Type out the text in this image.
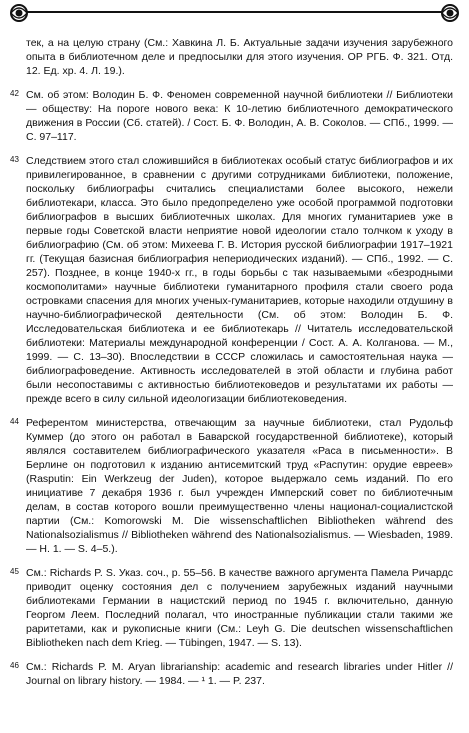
тек, а на целую страну (См.: Хавкина Л. Б. Актуальные задачи изучения зарубежного опыта в библиотечном деле и предпосылки для этого изучения. ОР РГБ. Ф. 321. Отд. 12. Ед. хр. 4. Л. 19.).
42 См. об этом: Володин Б. Ф. Феномен современной научной библиотеки // Библиотеки — обществу: На пороге нового века: К 10-летию библиотечного демократического движения в России (Сб. статей). / Сост. Б. Ф. Володин, А. В. Соколов. — СПб., 1999. — С. 97–117.
43 Следствием этого стал сложившийся в библиотеках особый статус библиографов и их привилегированное, в сравнении с другими сотрудниками библиотеки, положение, поскольку библиографы считались специалистами более высокого, нежели библиотекари, класса. Это было предопределено уже особой программой подготовки библиографов в высших библиотечных школах. Для многих гуманитариев уже в первые годы Советской власти неприятие новой идеологии стало толчком к уходу в библиографию (См. об этом: Михеева Г. В. История русской библиографии 1917–1921 гг. (Текущая базисная библиография непериодических изданий). — СПб., 1992. — С. 257). Позднее, в конце 1940-х гг., в годы борьбы с так называемыми «безродными космополитами» научные библиотеки гуманитарного профиля стали своего рода островками спасения для многих ученых-гуманитариев, которые находили отдушину в научно-библиографической деятельности (См. об этом: Володин Б. Ф. Исследовательская библиотека и ее библиотекарь // Читатель исследовательской библиотеки: Материалы международной конференции / Сост. А. А. Колганова. — М., 1999. — С. 13–30). Впоследствии в СССР сложилась и самостоятельная наука — библиографоведение. Активность исследователей в этой области и глубина работ были несопоставимы с активностью библиотековедов и результатами их работы — прежде всего в силу сильной идеологизации библиотековедения.
44 Референтом министерства, отвечающим за научные библиотеки, стал Рудольф Куммер (до этого он работал в Баварской государственной библиотеке), который являлся составителем библиографического указателя «Раса в письменности». В Берлине он подготовил к изданию антисемитский труд «Распутин: орудие евреев» (Rasputin: Ein Werkzeug der Juden), которое выдержало семь изданий. По его инициативе 7 декабря 1936 г. был учрежден Имперский совет по библиотечным делам, в состав которого вошли преимущественно члены национал-социалистской партии (См.: Komorowski M. Die wissenschaftlichen Bibliotheken während des Nationalsozialismus // Bibliotheken während des Nationalsozialismus. — Wiesbaden, 1989. — H. 1. — S. 4–5.).
45 См.: Richards P. S. Указ. соч., р. 55–56. В качестве важного аргумента Памела Ричардс приводит оценку состояния дел с получением зарубежных изданий научными библиотеками Германии в нацистский период по 1945 г. включительно, данную Георгом Леем. Последний полагал, что иностранные публикации стали такими же раритетами, как и рукописные книги (См.: Leyh G. Die deutschen wissenschaftlichen Bibliotheken nach dem Krieg. — Tübingen, 1947. — S. 13).
46 См.: Richards P. M. Aryan librarianship: academic and research libraries under Hitler // Journal on library history. — 1984. — ¹ 1. — P. 237.
